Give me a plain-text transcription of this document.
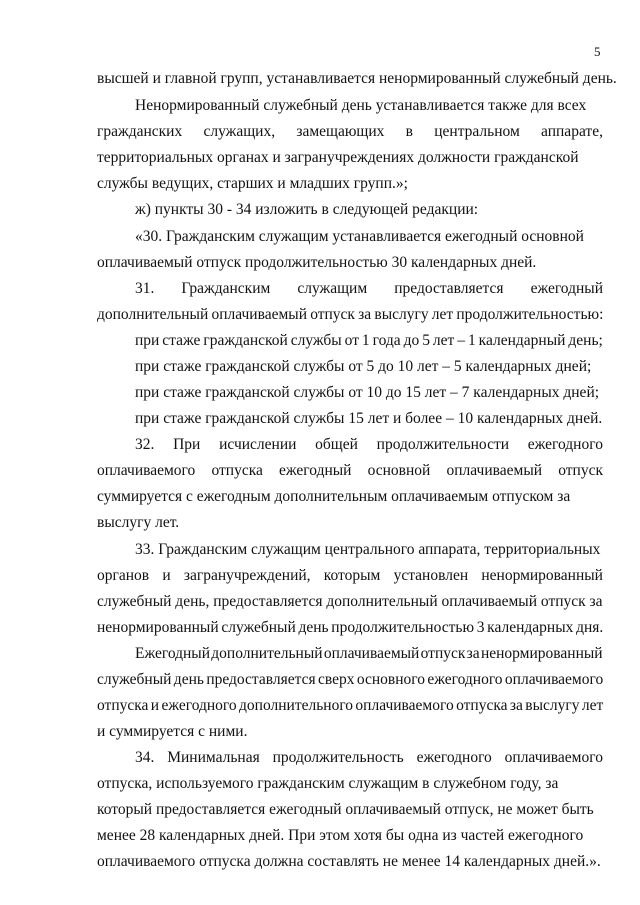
5
высшей и главной групп, устанавливается ненормированный служебный день.
Ненормированный служебный день устанавливается также для всех
гражданских служащих, замещающих в центральном аппарате,
территориальных органах и загранучреждениях должности гражданской
службы ведущих, старших и младших групп.»;
ж) пункты 30 - 34 изложить в следующей редакции:
«30. Гражданским служащим устанавливается ежегодный основной
оплачиваемый отпуск продолжительностью 30 календарных дней.
31. Гражданским служащим предоставляется ежегодный
дополнительный оплачиваемый отпуск за выслугу лет продолжительностью:
при стаже гражданской службы от 1 года до 5 лет – 1 календарный день;
при стаже гражданской службы от 5 до 10 лет – 5 календарных дней;
при стаже гражданской службы от 10 до 15 лет – 7 календарных дней;
при стаже гражданской службы 15 лет и более – 10 календарных дней.
32. При исчислении общей продолжительности ежегодного
оплачиваемого отпуска ежегодный основной оплачиваемый отпуск
суммируется с ежегодным дополнительным оплачиваемым отпуском за
выслугу лет.
33. Гражданским служащим центрального аппарата, территориальных
органов и загранучреждений, которым установлен ненормированный
служебный день, предоставляется дополнительный оплачиваемый отпуск за
ненормированный служебный день продолжительностью 3 календарных дня.
Ежегодный дополнительный оплачиваемый отпуск за ненормированный
служебный день предоставляется сверх основного ежегодного оплачиваемого
отпуска и ежегодного дополнительного оплачиваемого отпуска за выслугу лет
и суммируется с ними.
34. Минимальная продолжительность ежегодного оплачиваемого
отпуска, используемого гражданским служащим в служебном году, за
который предоставляется ежегодный оплачиваемый отпуск, не может быть
менее 28 календарных дней. При этом хотя бы одна из частей ежегодного
оплачиваемого отпуска должна составлять не менее 14 календарных дней.».
